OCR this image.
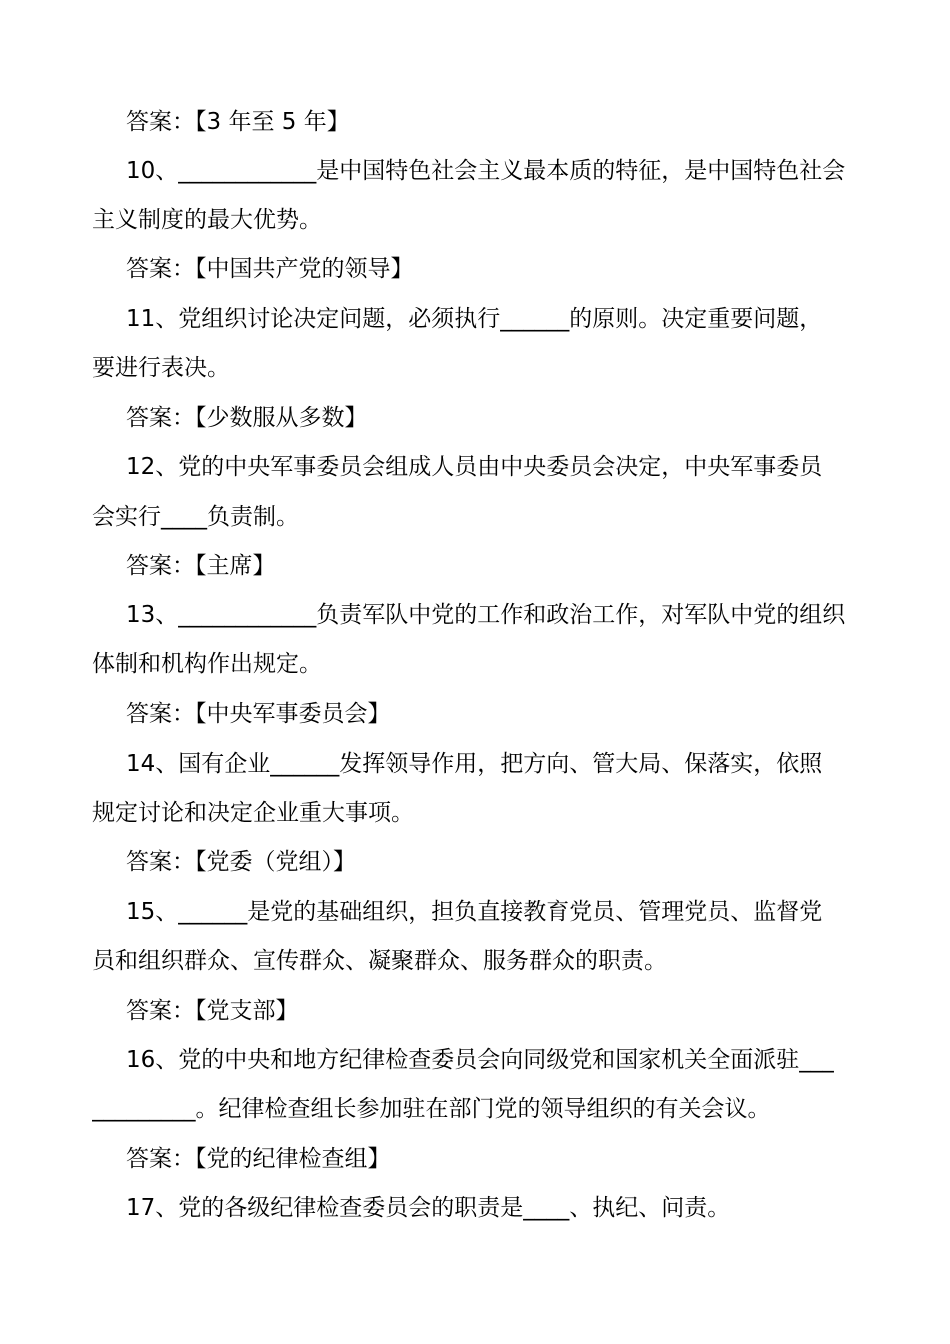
答案：【3 年至 5 年】
10、____________是中国特色社会主义最本质的特征，是中国特色社会
主义制度的最大优势。
答案：【中国共产党的领导】
11、党组织讨论决定问题，必须执行______的原则。决定重要问题，
要进行表决。
答案：【少数服从多数】
12、党的中央军事委员会组成人员由中央委员会决定，中央军事委员
会实行____负责制。
答案：【主席】
13、____________负责军队中党的工作和政治工作，对军队中党的组织
体制和机构作出规定。
答案：【中央军事委员会】
14、国有企业______发挥领导作用，把方向、管大局、保落实，依照
规定讨论和决定企业重大事项。
答案：【党委（党组）】
15、______是党的基础组织，担负直接教育党员、管理党员、监督党
员和组织群众、宣传群众、凝聚群众、服务群众的职责。
答案：【党支部】
16、党的中央和地方纪律检查委员会向同级党和国家机关全面派驻___
_________。纪律检查组长参加驻在部门党的领导组织的有关会议。
答案：【党的纪律检查组】
17、党的各级纪律检查委员会的职责是____、执纪、问责。
